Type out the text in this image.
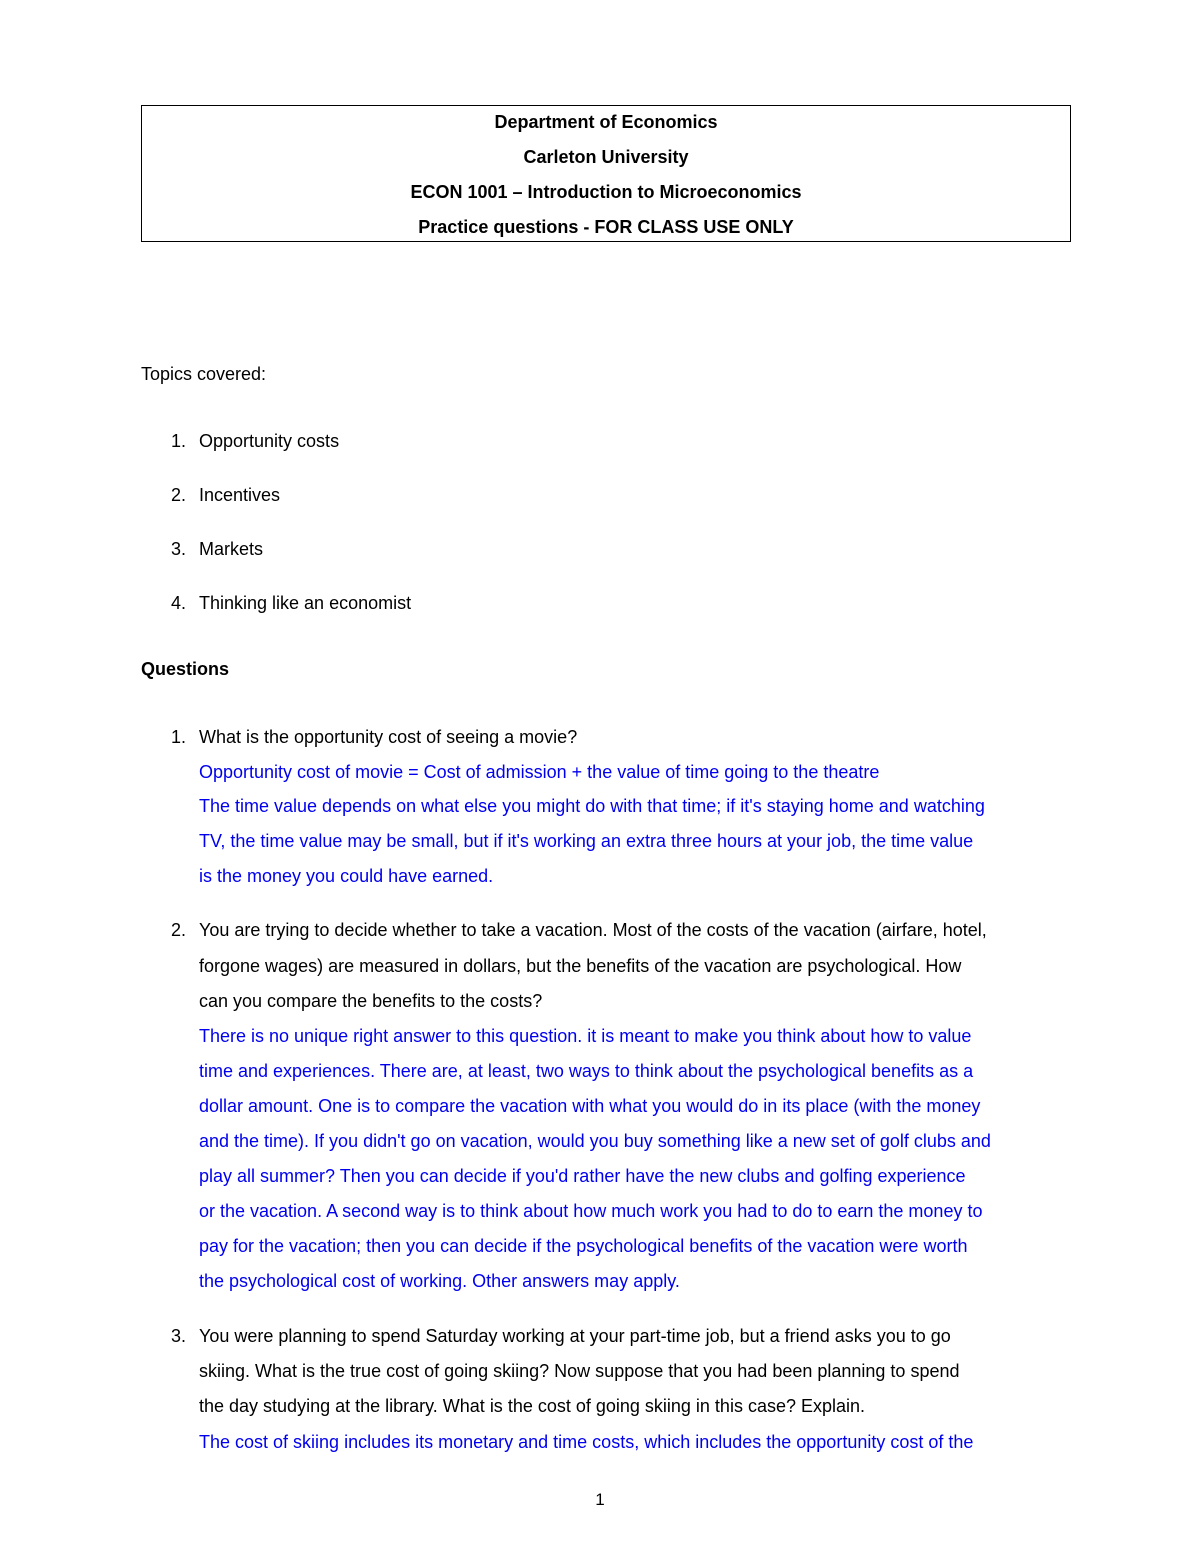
Department of Economics
Carleton University
ECON 1001 – Introduction to Microeconomics
Practice questions - FOR CLASS USE ONLY
Topics covered:
1. Opportunity costs
2. Incentives
3. Markets
4. Thinking like an economist
Questions
1. What is the opportunity cost of seeing a movie?
Opportunity cost of movie = Cost of admission + the value of time going to the theatre
The time value depends on what else you might do with that time; if it's staying home and watching
TV, the time value may be small, but if it's working an extra three hours at your job, the time value
is the money you could have earned.
2. You are trying to decide whether to take a vacation. Most of the costs of the vacation (airfare, hotel,
forgone wages) are measured in dollars, but the benefits of the vacation are psychological. How
can you compare the benefits to the costs?
There is no unique right answer to this question. it is meant to make you think about how to value
time and experiences. There are, at least, two ways to think about the psychological benefits as a
dollar amount. One is to compare the vacation with what you would do in its place (with the money
and the time). If you didn't go on vacation, would you buy something like a new set of golf clubs and
play all summer? Then you can decide if you'd rather have the new clubs and golfing experience
or the vacation. A second way is to think about how much work you had to do to earn the money to
pay for the vacation; then you can decide if the psychological benefits of the vacation were worth
the psychological cost of working. Other answers may apply.
3. You were planning to spend Saturday working at your part-time job, but a friend asks you to go
skiing. What is the true cost of going skiing? Now suppose that you had been planning to spend
the day studying at the library. What is the cost of going skiing in this case? Explain.
The cost of skiing includes its monetary and time costs, which includes the opportunity cost of the
1
